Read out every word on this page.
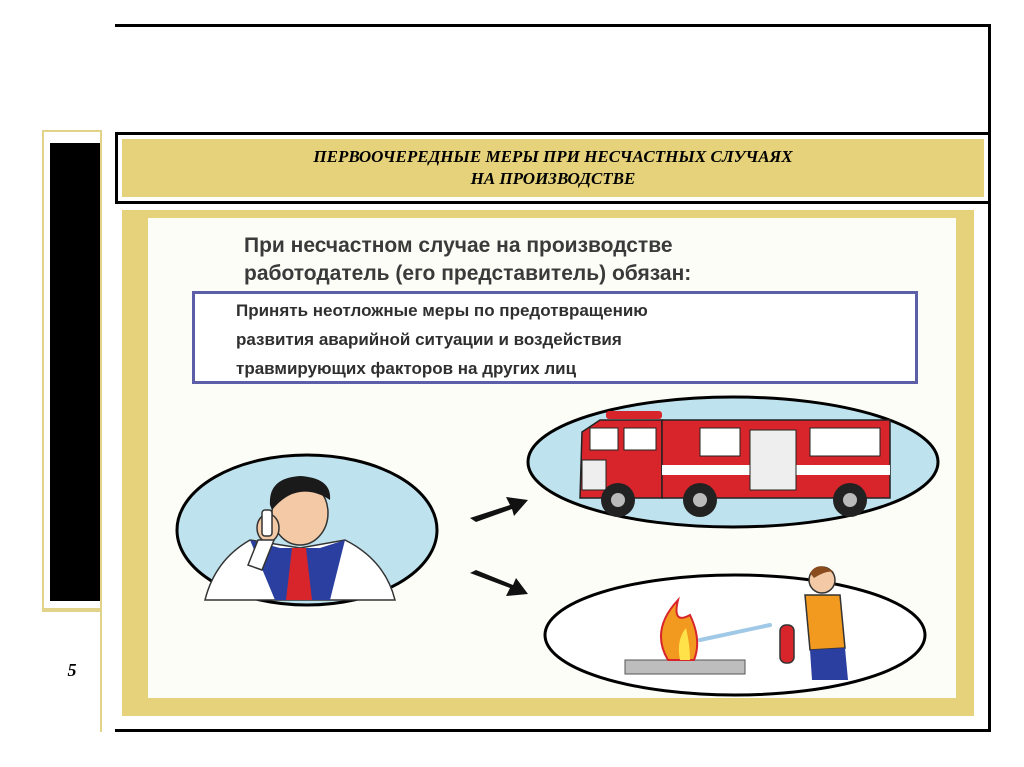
5
ПЕРВООЧЕРЕДНЫЕ МЕРЫ ПРИ НЕСЧАСТНЫХ СЛУЧАЯХ
НА ПРОИЗВОДСТВЕ
При несчастном случае на производстве
работодатель (его представитель) обязан:
Принять неотложные меры по предотвращению
развития аварийной ситуации и воздействия
травмирующих факторов на других лиц
